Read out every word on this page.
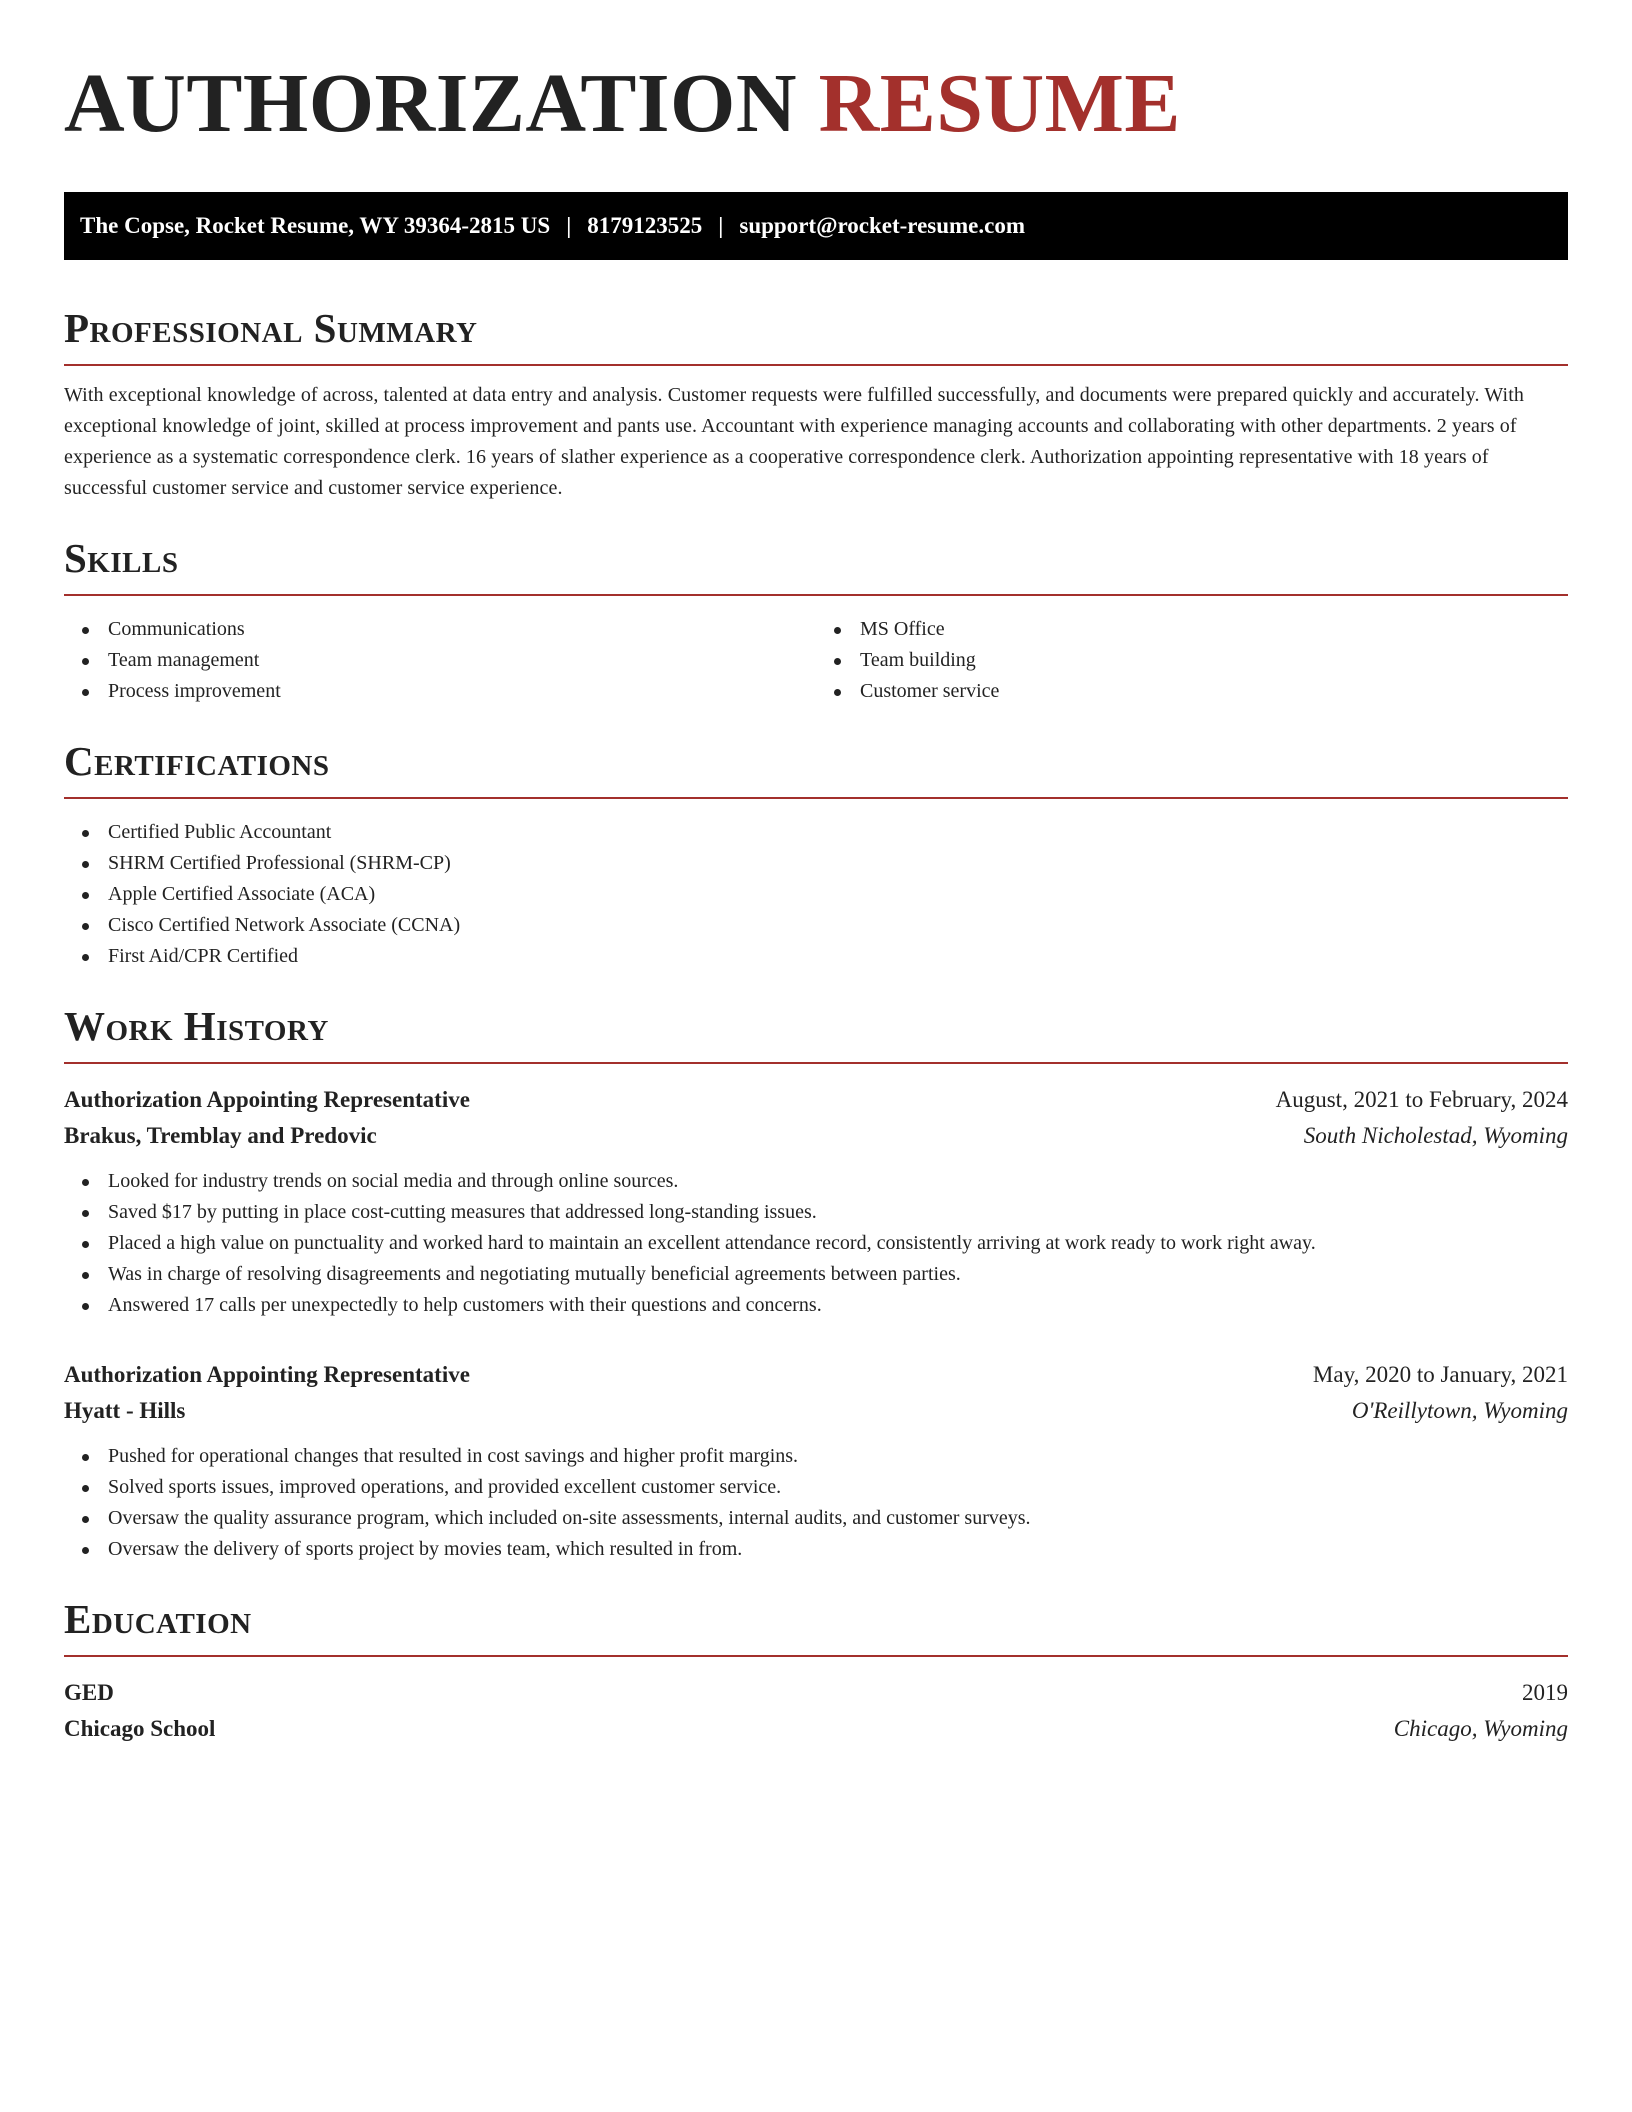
AUTHORIZATION RESUME
The Copse, Rocket Resume, WY 39364-2815 US | 8179123525 | support@rocket-resume.com
Professional Summary

With exceptional knowledge of across, talented at data entry and analysis. Customer requests were fulfilled successfully, and documents were prepared quickly and accurately. With exceptional knowledge of joint, skilled at process improvement and pants use. Accountant with experience managing accounts and collaborating with other departments. 2 years of experience as a systematic correspondence clerk. 16 years of slather experience as a cooperative correspondence clerk. Authorization appointing representative with 18 years of successful customer service and customer service experience.

Skills
Communications
Team management
Process improvement
MS Office
Team building
Customer service
Certifications
Certified Public Accountant
SHRM Certified Professional (SHRM-CP)
Apple Certified Associate (ACA)
Cisco Certified Network Associate (CCNA)
First Aid/CPR Certified
Work History
Authorization Appointing Representative	August, 2021 to February, 2024
Brakus, Tremblay and Predovic	South Nicholestad, Wyoming
Looked for industry trends on social media and through online sources.
Saved $17 by putting in place cost-cutting measures that addressed long-standing issues.
Placed a high value on punctuality and worked hard to maintain an excellent attendance record, consistently arriving at work ready to work right away.
Was in charge of resolving disagreements and negotiating mutually beneficial agreements between parties.
Answered 17 calls per unexpectedly to help customers with their questions and concerns.
Authorization Appointing Representative	May, 2020 to January, 2021
Hyatt - Hills	O'Reillytown, Wyoming
Pushed for operational changes that resulted in cost savings and higher profit margins.
Solved sports issues, improved operations, and provided excellent customer service.
Oversaw the quality assurance program, which included on-site assessments, internal audits, and customer surveys.
Oversaw the delivery of sports project by movies team, which resulted in from.
Education
GED	2019
Chicago School	Chicago, Wyoming
